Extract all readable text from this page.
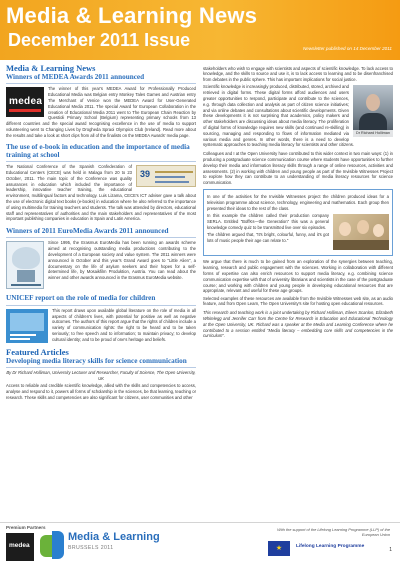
Media & Learning News
December 2011 Issue	Newsletter published on 14 December 2011
Media & Learning News
Winners of MEDEA Awards 2011 announced
medea

The winner of this year's MEDEA Award for Professionally Produced Educational Media was Belgian entry Monkey Tales Games and Austrian entry The Merchant of Venice won the MEDEA Award for User-Generated Educational Media 2011. The special Award for European Collaboration in the creation of Educational Media 2011 went to The European Chain Reaction by Questioli Primary School (Belgium) representing primary schools from 13 different countries and the special award recognising excellence in the use of media to support volunteering went to Changing Lives by Drogheda Spraoi Olympics Club (Ireland). Read more about the results and take a look at short clips from all of the finalists on the MEDEA Awards' media page.

The use of e-book in education and the importance of media training at school
39

The National Conference of the Spanish Confederation of Educational Centers (CECE) was held in Malaga from 20 to 23 October, 2011. The main topic of the Conference was quality assurances in education which included the importance of leadership, innovative teacher training, the educational environment, multilingual factors and technology. Luis Lizama, CECE's ICT adviser gave a talk about the use of electronic digital text books (e-books) in education where he also referred to the importance of using multimedia for training teachers and students. The talk was attended by directors, educational staff and representatives of authorities and the main stakeholders and representatives of the most important publishing companies in education in Spain and Latin America.

Winners of 2011 EuroMedia Awards 2011 announced

Since 1995, the Erasmus EuroMedia has been running an awards scheme aimed at recognising outstanding media productions contributing to the development of a European society and value system. The 2011 winners were announced in October and this year's Grand Award goes to "Little Alien", a documentary on the life of asylum seekers and their hopes for a self-determined life, by Mosaikfilm Produktion, Austria. You can read about the winner and other awards announced in the Erasmus EuroMedia website.

UNICEF report on the role of media for children

This report draws upon available global literature on the role of media in all aspects of children's lives, with potential for positive as well as negative outcomes. The authors of this report argue that the rights of children include a variety of communication rights: the right to be heard and to be taken seriously; to free speech and to information; to maintain privacy; to develop cultural identity; and to be proud of one's heritage and beliefs.

Featured Articles
Developing media literacy skills for science communication

By Dr Richard Holliman, University Lecturer and Researcher, Faculty of Science, The Open University, UK

Access to reliable and credible scientific knowledge, allied with the skills and competencies to access, analyse and respond to it, powers all forms of scholarship in the sciences, be that learning, teaching or research. These skills and competencies are also significant for citizens, user communities and other

stakeholders who wish to engage with scientists and aspects of scientific knowledge. To lack access to knowledge, and the skills to source and use it, is to lack access to learning and to be disenfranchised from debates in the public sphere. This has important implications for social justice.

Dr Richard Holliman

Scientific knowledge is increasingly produced, distributed, stored, archived and retrieved in digital forms. These digital forms afford audiences and users greater opportunities to respond, participate and contribute to the sciences, e.g. through data collection and analysis as part of citizen science initiatives; and via online debates and consultations about scientific developments. Given these developments it is not surprising that academics, policy makers and other stakeholders are discussing ideas about media literacy. The proliferation of digital forms of knowledge requires new skills (and continued re-skilling) in sourcing, managing and responding to flows of information mediated via various media and genres. In other words, there is a need to develop systematic approaches to teaching media literacy for scientists and other citizens.

Colleagues and I at the Open University have contributed to this wider context in two main ways: (1) in producing a postgraduate science communication course where students have opportunities to further develop their media and information literacy skills through a range of online resources, activities and assessments. (2) in working with children and young people as part of the Invisible Witnesses Project to explore how they can contribute to an understanding of media literacy resources for science communication.

In one of the activities for the Invisible Witnesses project the children produced ideas for a television programme about science, technology, engineering and mathematics. Each group then presented their ideas to the rest of the class.

In this example the children called their production company SERLA. Entitled "BoffKs—the Generation" this was a general knowledge comedy quiz to be transmitted live over six episodes.

The children argued that, "It's bright, colourful, funny, and it's got lots of music people their age can relate to."

We argue that there is much to be gained from an exploration of the synergies between teaching, learning, research and public engagement with the sciences. Working in collaboration with different forms of expertise can also enrich resources to support media literacy, e.g. combining science communication expertise with that of university librarians and scientists in the case of the postgraduate course; and working with children and young people in developing educational resources that are appropriate, relevant and useful for these age groups.

Selected examples of these resources are available from the Invisible Witnesses web site, as an audio feature, and from Open Learn, The Open University's site for hosting open educational resources.

This research and teaching work is a joint undertaking by Richard Holliman, Eileen Scanlon, Elizabeth Whitelegg and Jennifer Carr from the Centre for Research in Education and Educational Technology at the Open University, UK. Richard was a speaker at the Media and Learning Conference where he contributed to a session entitled "Media literacy – embedding core skills and competencies in the curriculum".

Premium Partners
medea
Media & Learning
BRUSSELS 2011
With the support of the Lifelong Learning Programme (LLP) of the European Union
★	Lifelong Learning Programme
1
